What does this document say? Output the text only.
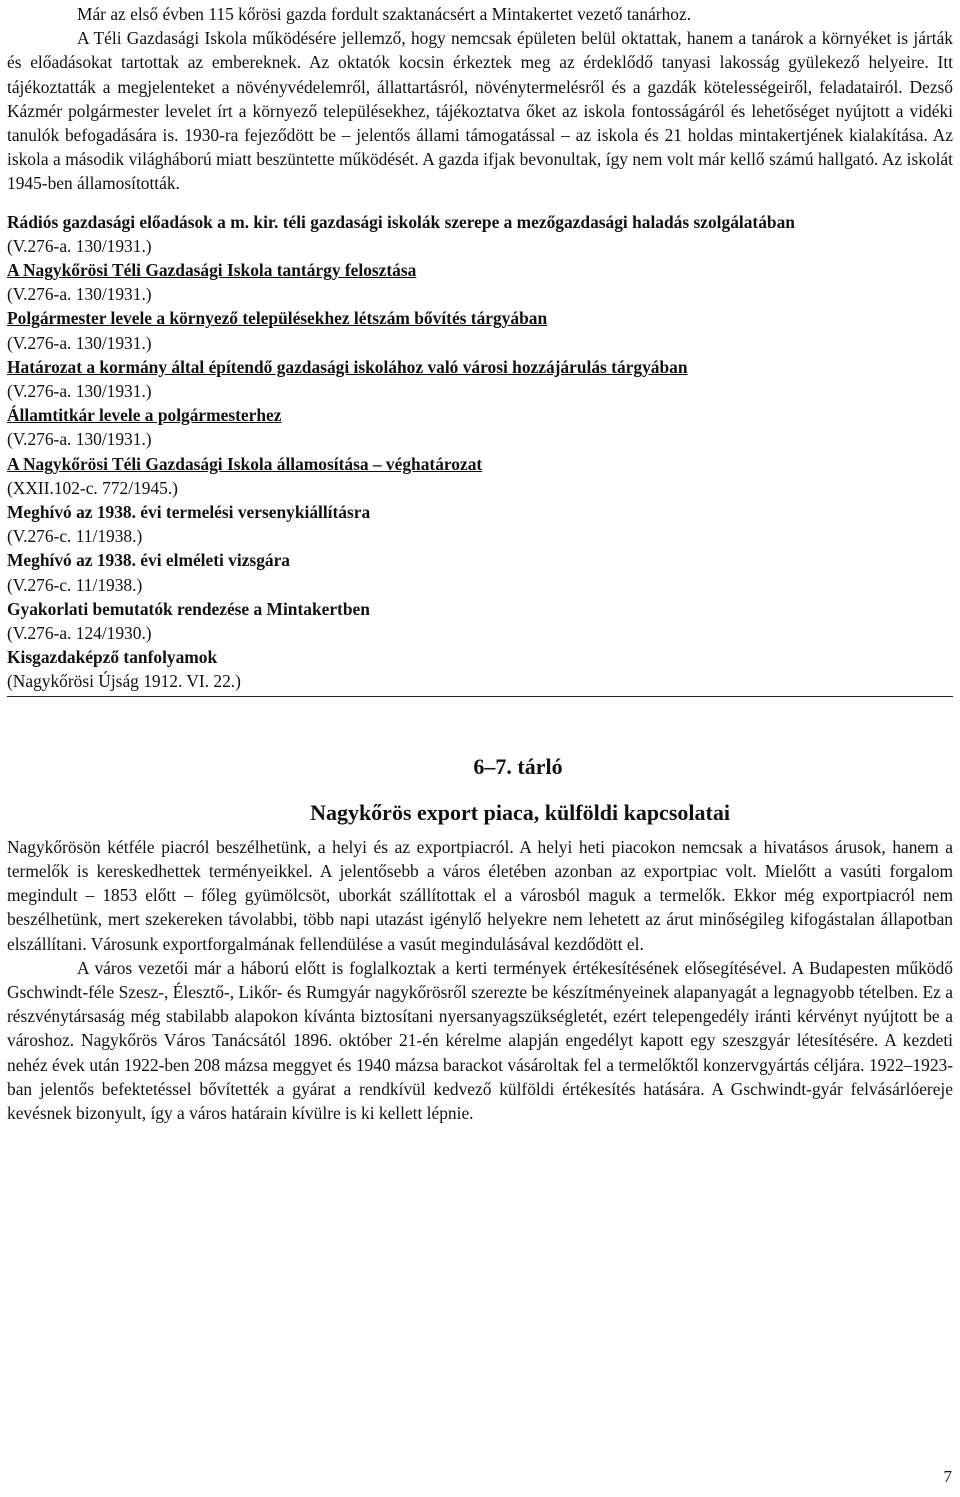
Már az első évben 115 kőrösi gazda fordult szaktanácsért a Mintakertet vezető tanárhoz.

A Téli Gazdasági Iskola működésére jellemző, hogy nemcsak épületen belül oktattak, hanem a tanárok a környéket is járták és előadásokat tartottak az embereknek. Az oktatók kocsin érkeztek meg az érdeklődő tanyasi lakosság gyülekező helyeire. Itt tájékoztatták a megjelenteket a növényvédelemről, állattartásról, növénytermelésről és a gazdák kötelességeiről, feladatairól. Dezső Kázmér polgármester levelet írt a környező településekhez, tájékoztatva őket az iskola fontosságáról és lehetőséget nyújtott a vidéki tanulók befogadására is. 1930-ra fejeződött be – jelentős állami támogatással – az iskola és 21 holdas mintakertjének kialakítása. Az iskola a második világháború miatt beszüntette működését. A gazda ifjak bevonultak, így nem volt már kellő számú hallgató. Az iskolát 1945-ben államosították.

Rádiós gazdasági előadások a m. kir. téli gazdasági iskolák szerepe a mezőgazdasági haladás szolgálatában

(V.276-a. 130/1931.)

A Nagykőrösi Téli Gazdasági Iskola tantárgy felosztása

(V.276-a. 130/1931.)

Polgármester levele a környező településekhez létszám bővítés tárgyában

(V.276-a. 130/1931.)

Határozat a kormány által építendő gazdasági iskolához való városi hozzájárulás tárgyában

(V.276-a. 130/1931.)

Államtitkár levele a polgármesterhez

(V.276-a. 130/1931.)

A Nagykőrösi Téli Gazdasági Iskola államosítása – véghatározat

(XXII.102-c. 772/1945.)

Meghívó az 1938. évi termelési versenykiállításra

(V.276-c. 11/1938.)

Meghívó az 1938. évi elméleti vizsgára

(V.276-c. 11/1938.)

Gyakorlati bemutatók rendezése a Mintakertben

(V.276-a. 124/1930.)

Kisgazdaképző tanfolyamok

(Nagykőrösi Újság 1912. VI. 22.)

6–7. tárló

Nagykőrös export piaca, külföldi kapcsolatai

Nagykőrösön kétféle piacról beszélhetünk, a helyi és az exportpiacról. A helyi heti piacokon nemcsak a hivatásos árusok, hanem a termelők is kereskedhettek terményeikkel. A jelentősebb a város életében azonban az exportpiac volt. Mielőtt a vasúti forgalom megindult – 1853 előtt – főleg gyümölcsöt, uborkát szállítottak el a városból maguk a termelők. Ekkor még exportpiacról nem beszélhetünk, mert szekereken távolabbi, több napi utazást igénylő helyekre nem lehetett az árut minőségileg kifogástalan állapotban elszállítani. Városunk exportforgalmának fellendülése a vasút megindulásával kezdődött el.

A város vezetői már a háború előtt is foglalkoztak a kerti termények értékesítésének elősegítésével. A Budapesten működő Gschwindt-féle Szesz-, Élesztő-, Likőr- és Rumgyár nagykőrösről szerezte be készítményeinek alapanyagát a legnagyobb tételben. Ez a részvénytársaság még stabilabb alapokon kívánta biztosítani nyersanyagszükségletét, ezért telepengedély iránti kérvényt nyújtott be a városhoz. Nagykőrös Város Tanácsától 1896. október 21-én kérelme alapján engedélyt kapott egy szeszgyár létesítésére. A kezdeti nehéz évek után 1922-ben 208 mázsa meggyet és 1940 mázsa barackot vásároltak fel a termelőktől konzervgyártás céljára. 1922–1923-ban jelentős befektetéssel bővítették a gyárat a rendkívül kedvező külföldi értékesítés hatására. A Gschwindt-gyár felvásárlóereje kevésnek bizonyult, így a város határain kívülre is ki kellett lépnie.

7
